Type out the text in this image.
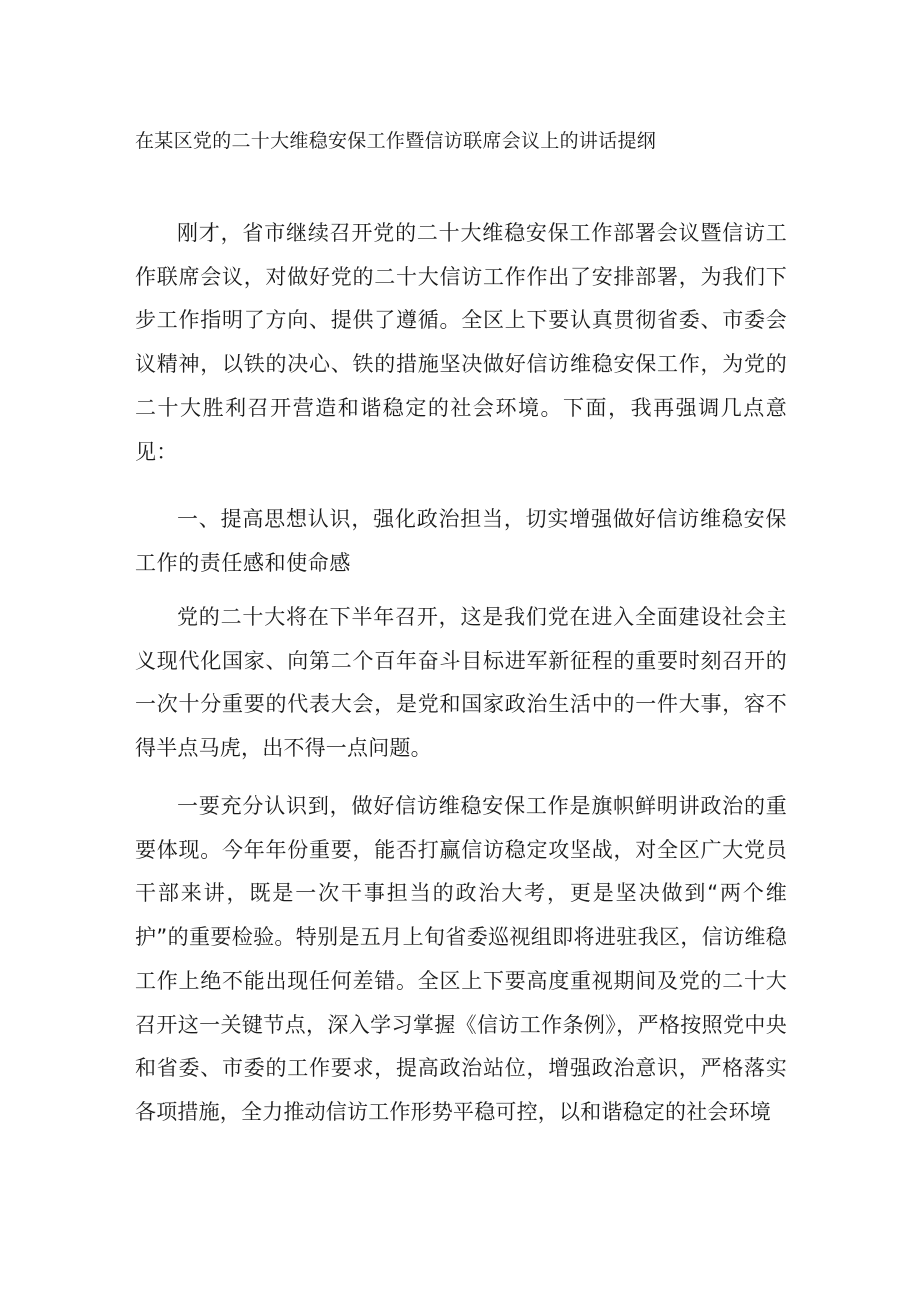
在某区党的二十大维稳安保工作暨信访联席会议上的讲话提纲

刚才，省市继续召开党的二十大维稳安保工作部署会议暨信访工作联席会议，对做好党的二十大信访工作作出了安排部署，为我们下步工作指明了方向、提供了遵循。全区上下要认真贯彻省委、市委会议精神，以铁的决心、铁的措施坚决做好信访维稳安保工作，为党的二十大胜利召开营造和谐稳定的社会环境。下面，我再强调几点意见：

一、提高思想认识，强化政治担当，切实增强做好信访维稳安保工作的责任感和使命感

党的二十大将在下半年召开，这是我们党在进入全面建设社会主义现代化国家、向第二个百年奋斗目标进军新征程的重要时刻召开的一次十分重要的代表大会，是党和国家政治生活中的一件大事，容不得半点马虎，出不得一点问题。

一要充分认识到，做好信访维稳安保工作是旗帜鲜明讲政治的重要体现。今年年份重要，能否打赢信访稳定攻坚战，对全区广大党员干部来讲，既是一次干事担当的政治大考，更是坚决做到“两个维护”的重要检验。特别是五月上旬省委巡视组即将进驻我区，信访维稳工作上绝不能出现任何差错。全区上下要高度重视期间及党的二十大召开这一关键节点，深入学习掌握《信访工作条例》，严格按照党中央和省委、市委的工作要求，提高政治站位，增强政治意识，严格落实各项措施，全力推动信访工作形势平稳可控，以和谐稳定的社会环境
